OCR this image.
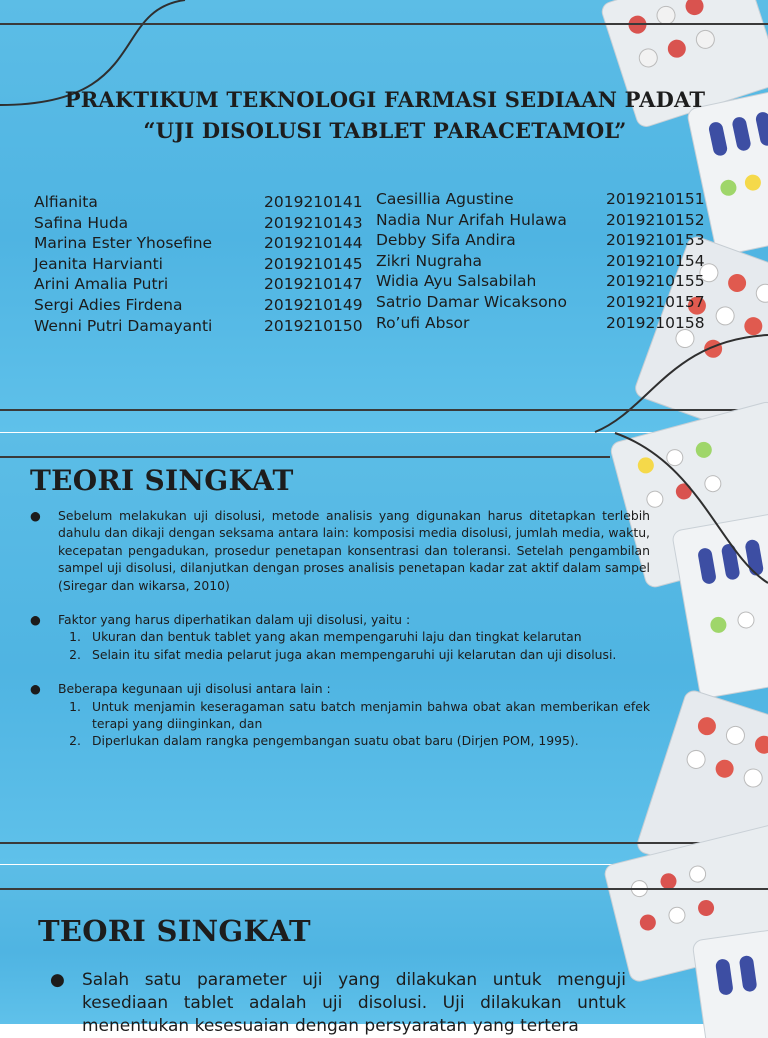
PRAKTIKUM TEKNOLOGI FARMASI SEDIAAN PADAT
“UJI DISOLUSI TABLET PARACETAMOL”
Alfianita	2019210141
Safina Huda	2019210143
Marina Ester Yhosefine	2019210144
Jeanita Harvianti	2019210145
Arini Amalia Putri	2019210147
Sergi Adies Firdena	2019210149
Wenni Putri Damayanti	2019210150
Caesillia Agustine	2019210151
Nadia Nur Arifah Hulawa	2019210152
Debby Sifa Andira	2019210153
Zikri Nugraha	2019210154
Widia Ayu Salsabilah	2019210155
Satrio Damar Wicaksono	2019210157
Ro’ufi Absor	2019210158
TEORI SINGKAT
●	Sebelum melakukan uji disolusi, metode analisis yang digunakan harus ditetapkan terlebih dahulu dan dikaji dengan seksama antara lain: komposisi media disolusi, jumlah media, waktu, kecepatan pengadukan, prosedur penetapan konsentrasi dan toleransi. Setelah pengambilan sampel uji disolusi, dilanjutkan dengan proses analisis penetapan kadar zat aktif dalam sampel (Siregar dan wikarsa, 2010)
●	Faktor yang harus diperhatikan dalam uji disolusi, yaitu :
1. Ukuran dan bentuk tablet yang akan mempengaruhi laju dan tingkat kelarutan
2. Selain itu sifat media pelarut juga akan mempengaruhi uji kelarutan dan uji disolusi.
●	Beberapa kegunaan uji disolusi antara lain :
1. Untuk menjamin keseragaman satu batch menjamin bahwa obat akan memberikan efek terapi yang diinginkan, dan
2. Diperlukan dalam rangka pengembangan suatu obat baru (Dirjen POM, 1995).
TEORI SINGKAT
●	Salah satu parameter uji yang dilakukan untuk menguji kesediaan tablet adalah uji disolusi. Uji dilakukan untuk menentukan kesesuaian dengan persyaratan yang tertera
